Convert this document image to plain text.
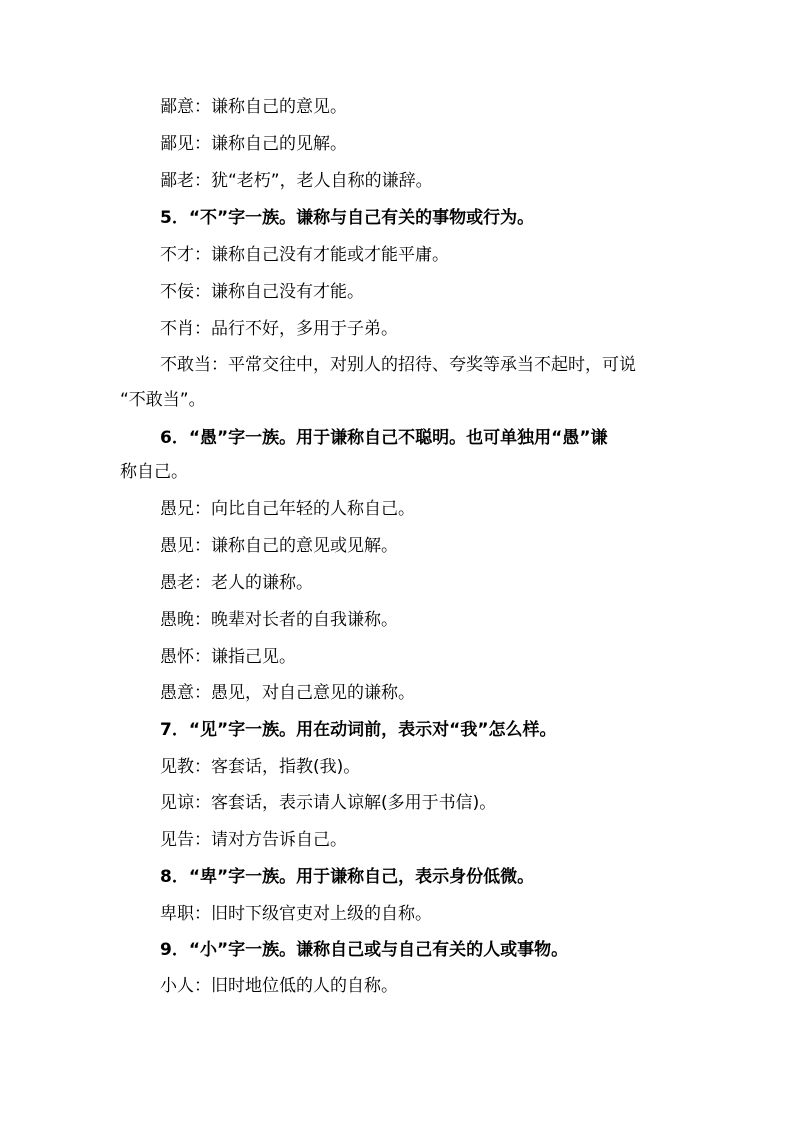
鄙意：谦称自己的意见。
鄙见：谦称自己的见解。
鄙老：犹“老朽”，老人自称的谦辞。
5．“不”字一族。谦称与自己有关的事物或行为。
不才：谦称自己没有才能或才能平庸。
不佞：谦称自己没有才能。
不肖：品行不好，多用于子弟。
不敢当：平常交往中，对别人的招待、夸奖等承当不起时，可说
“不敢当”。
6．“愚”字一族。用于谦称自己不聪明。也可单独用“愚”谦
称自己。
愚兄：向比自己年轻的人称自己。
愚见：谦称自己的意见或见解。
愚老：老人的谦称。
愚晚：晚辈对长者的自我谦称。
愚怀：谦指己见。
愚意：愚见，对自己意见的谦称。
7．“见”字一族。用在动词前，表示对“我”怎么样。
见教：客套话，指教(我)。
见谅：客套话，表示请人谅解(多用于书信)。
见告：请对方告诉自己。
8．“卑”字一族。用于谦称自己，表示身份低微。
卑职：旧时下级官吏对上级的自称。
9．“小”字一族。谦称自己或与自己有关的人或事物。
小人：旧时地位低的人的自称。
